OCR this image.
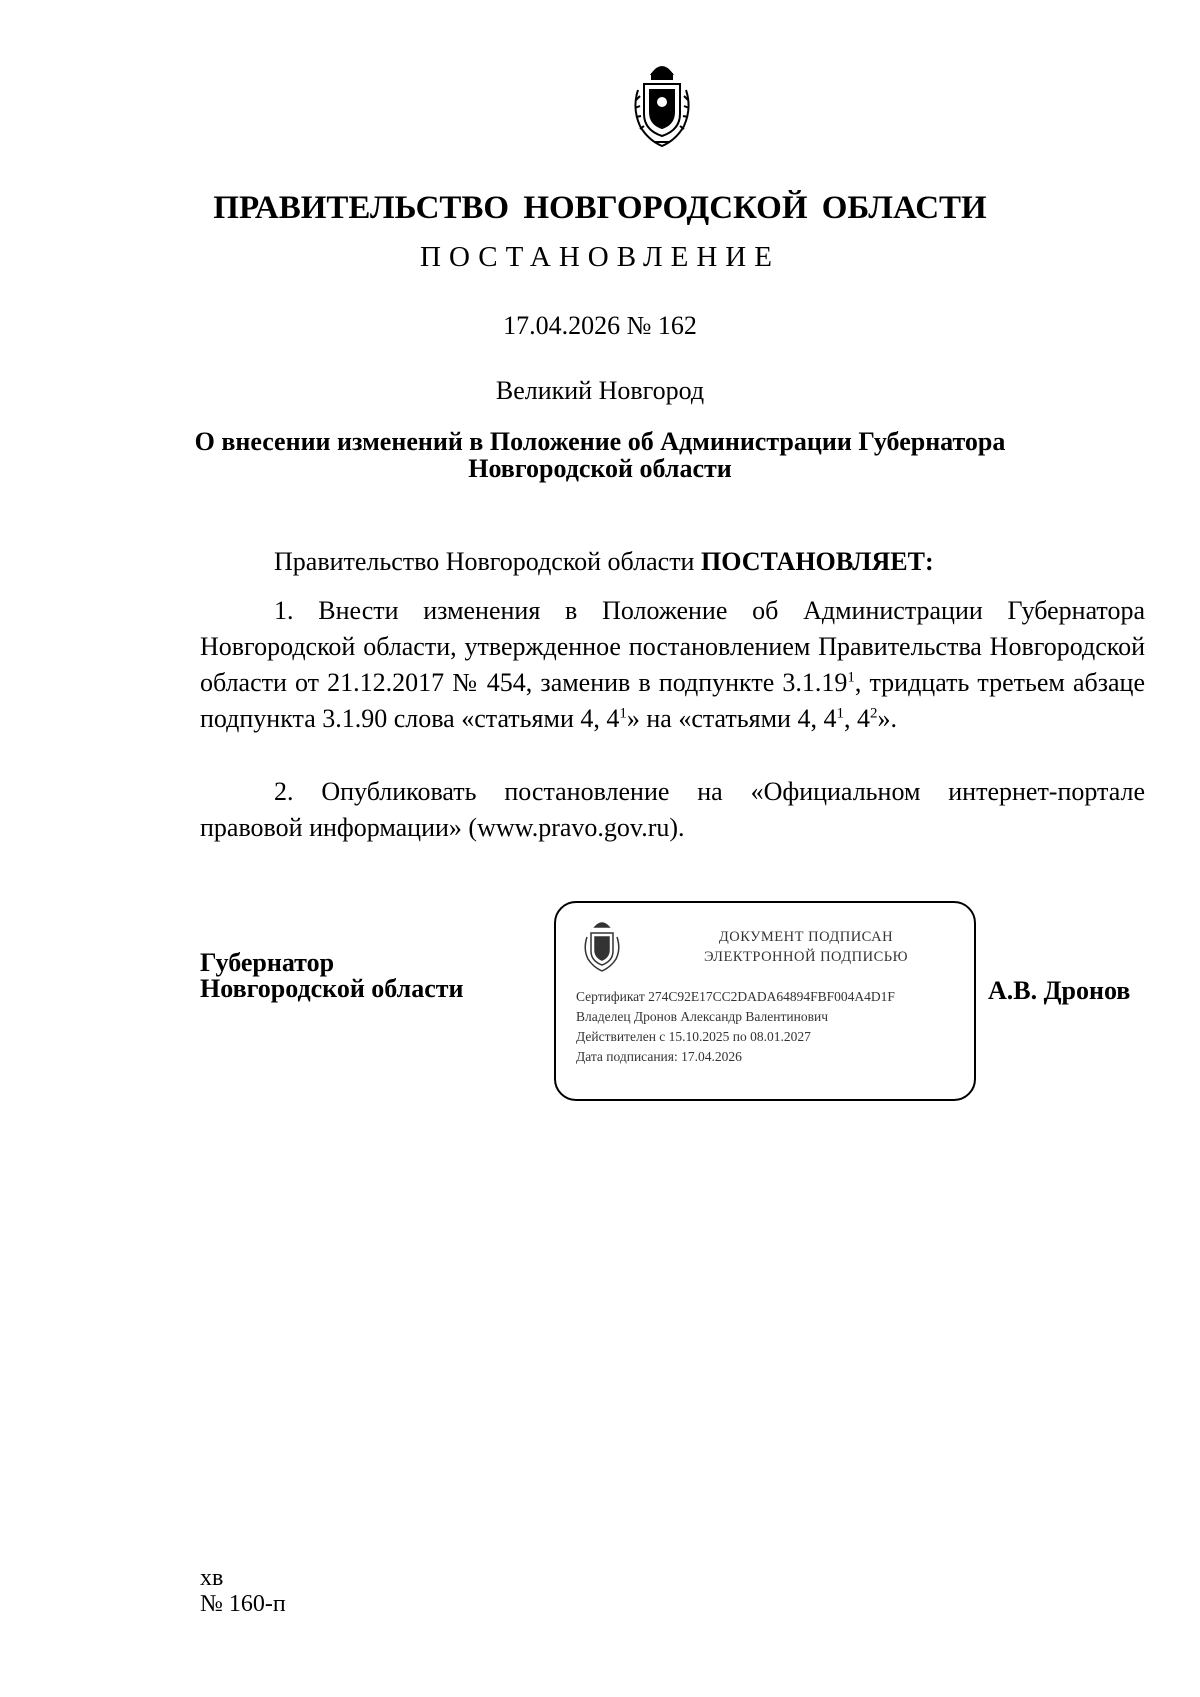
ПРАВИТЕЛЬСТВО НОВГОРОДСКОЙ ОБЛАСТИ
ПОСТАНОВЛЕНИЕ
17.04.2026 № 162
Великий Новгород
О внесении изменений в Положение об Администрации Губернатора
Новгородской области
Правительство Новгородской области ПОСТАНОВЛЯЕТ:

1. Внести изменения в Положение об Администрации Губернатора Новгородской области, утвержденное постановлением Правительства Новгородской области от 21.12.2017 № 454, заменив в подпункте 3.1.19$^1$, тридцать третьем абзаце подпункта 3.1.90 слова «статьями 4, $4^1$» на «статьями 4, $4^1$, $4^2$».

2. Опубликовать постановление на «Официальном интернет-портале правовой информации» (www.pravo.gov.ru).

Губернатор
Новгородской области
ДОКУМЕНТ ПОДПИСАН
ЭЛЕКТРОННОЙ ПОДПИСЬЮ
Сертификат 274C92E17CC2DADA64894FBF004A4D1F
Владелец Дронов Александр Валентинович
Действителен с 15.10.2025 по 08.01.2027
Дата подписания: 17.04.2026
А.В. Дронов
хв
№ 160-п
